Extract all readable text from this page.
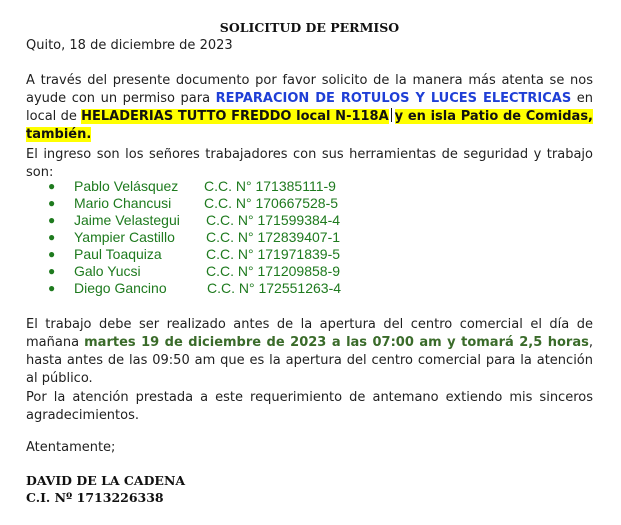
SOLICITUD DE PERMISO
Quito, 18 de diciembre de 2023
A través del presente documento por favor solicito de la manera más atenta se nos ayude con un permiso para REPARACION DE ROTULOS Y LUCES ELECTRICAS en local de HELADERIAS TUTTO FREDDO local N-118A y en isla Patio de Comidas, también.
El ingreso son los señores trabajadores con sus herramientas de seguridad y trabajo son:
● Pablo Velásquez C.C. N° 171385111-9
● Mario Chancusi C.C. N° 170667528-5
● Jaime Velastegui C.C. N° 171599384-4
● Yampier Castillo C.C. N° 172839407-1
● Paul Toaquiza	C.C. N° 171971839-5
● Galo Yucsi	C.C. N° 171209858-9
● Diego Gancino	C.C. N° 172551263-4
El trabajo debe ser realizado antes de la apertura del centro comercial el día de mañana martes 19 de diciembre de 2023 a las 07:00 am y tomará 2,5 horas, hasta antes de las 09:50 am que es la apertura del centro comercial para la atención al público.
Por la atención prestada a este requerimiento de antemano extiendo mis sinceros agradecimientos.
Atentamente;
DAVID DE LA CADENA
C.I. Nº 1713226338
